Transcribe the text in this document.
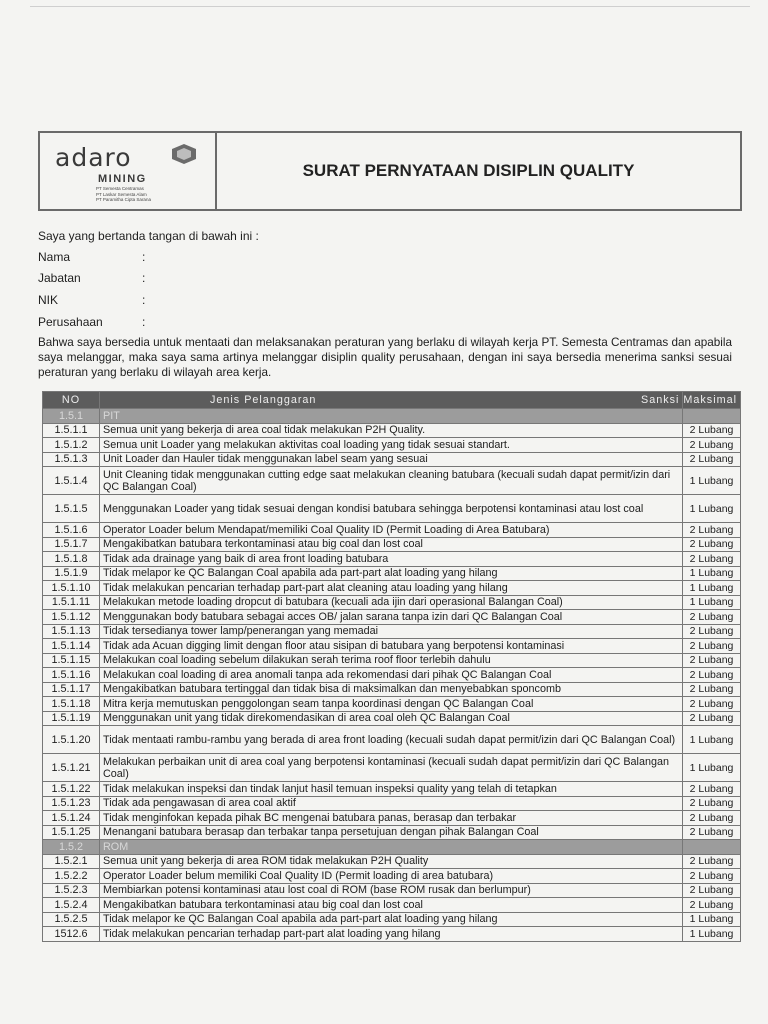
adaro
MINING
PT Semesta Centramas
PT Laskar Semesta Alam
PT Paramitha Cipta Sarana
SURAT PERNYATAAN DISIPLIN QUALITY
Saya yang bertanda tangan di bawah ini :
Nama	:
Jabatan	:
NIK	:
Perusahaan	:
Bahwa saya bersedia untuk mentaati dan melaksanakan peraturan yang berlaku di wilayah kerja PT. Semesta Centramas dan apabila saya melanggar, maka saya sama artinya melanggar disiplin quality perusahaan, dengan ini saya bersedia menerima sanksi sesuai peraturan yang berlaku di wilayah area kerja.
NO	Jenis Pelanggaran	Sanksi Maksimal
1.5.1	PIT	
1.5.1.1	Semua unit yang bekerja di area coal tidak melakukan P2H Quality.	2 Lubang
1.5.1.2	Semua unit Loader yang melakukan aktivitas coal loading yang tidak sesuai standart.	2 Lubang
1.5.1.3	Unit Loader dan Hauler tidak menggunakan label seam yang sesuai	2 Lubang
1.5.1.4	Unit Cleaning tidak menggunakan cutting edge saat melakukan cleaning batubara (kecuali sudah dapat permit/izin dari QC Balangan Coal)	1 Lubang
1.5.1.5	Menggunakan Loader yang tidak sesuai dengan kondisi batubara sehingga berpotensi kontaminasi atau lost coal	1 Lubang
1.5.1.6	Operator Loader belum Mendapat/memiliki Coal Quality ID (Permit Loading di Area Batubara)	2 Lubang
1.5.1.7	Mengakibatkan batubara terkontaminasi atau big coal dan lost coal	2 Lubang
1.5.1.8	Tidak ada drainage yang baik di area front loading batubara	2 Lubang
1.5.1.9	Tidak melapor ke QC Balangan Coal apabila ada part-part alat loading yang hilang	1 Lubang
1.5.1.10	Tidak melakukan pencarian terhadap part-part alat cleaning atau loading yang hilang	1 Lubang
1.5.1.11	Melakukan metode loading dropcut di batubara (kecuali ada ijin dari operasional Balangan Coal)	1 Lubang
1.5.1.12	Menggunakan body batubara sebagai acces OB/ jalan sarana tanpa izin dari QC Balangan Coal	2 Lubang
1.5.1.13	Tidak tersedianya tower lamp/penerangan yang memadai	2 Lubang
1.5.1.14	Tidak ada Acuan digging limit dengan floor atau sisipan di batubara yang berpotensi kontaminasi	2 Lubang
1.5.1.15	Melakukan coal loading sebelum dilakukan serah terima roof floor terlebih dahulu	2 Lubang
1.5.1.16	Melakukan coal loading di area anomali tanpa ada rekomendasi dari pihak QC Balangan Coal	2 Lubang
1.5.1.17	Mengakibatkan batubara tertinggal dan tidak bisa di maksimalkan dan menyebabkan sponcomb	2 Lubang
1.5.1.18	Mitra kerja memutuskan penggolongan seam tanpa koordinasi dengan QC Balangan Coal	2 Lubang
1.5.1.19	Menggunakan unit yang tidak direkomendasikan di area coal oleh QC Balangan Coal	2 Lubang
1.5.1.20	Tidak mentaati rambu-rambu yang berada di area front loading (kecuali sudah dapat permit/izin dari QC Balangan Coal)	1 Lubang
1.5.1.21	Melakukan perbaikan unit di area coal yang berpotensi kontaminasi (kecuali sudah dapat permit/izin dari QC Balangan Coal)	1 Lubang
1.5.1.22	Tidak melakukan inspeksi dan tindak lanjut hasil temuan inspeksi quality yang telah di tetapkan	2 Lubang
1.5.1.23	Tidak ada pengawasan di area coal aktif	2 Lubang
1.5.1.24	Tidak menginfokan kepada pihak BC mengenai batubara panas, berasap dan terbakar	2 Lubang
1.5.1.25	Menangani batubara berasap dan terbakar tanpa persetujuan dengan pihak Balangan Coal	2 Lubang
1.5.2	ROM	
1.5.2.1	Semua unit yang bekerja di area ROM tidak melakukan P2H Quality	2 Lubang
1.5.2.2	Operator Loader belum memiliki Coal Quality ID (Permit loading di area batubara)	2 Lubang
1.5.2.3	Membiarkan potensi kontaminasi atau lost coal di ROM (base ROM rusak dan berlumpur)	2 Lubang
1.5.2.4	Mengakibatkan batubara terkontaminasi atau big coal dan lost coal	2 Lubang
1.5.2.5	Tidak melapor ke QC Balangan Coal apabila ada part-part alat loading yang hilang	1 Lubang
1512.6	Tidak melakukan pencarian terhadap part-part alat loading yang hilang	1 Lubang
